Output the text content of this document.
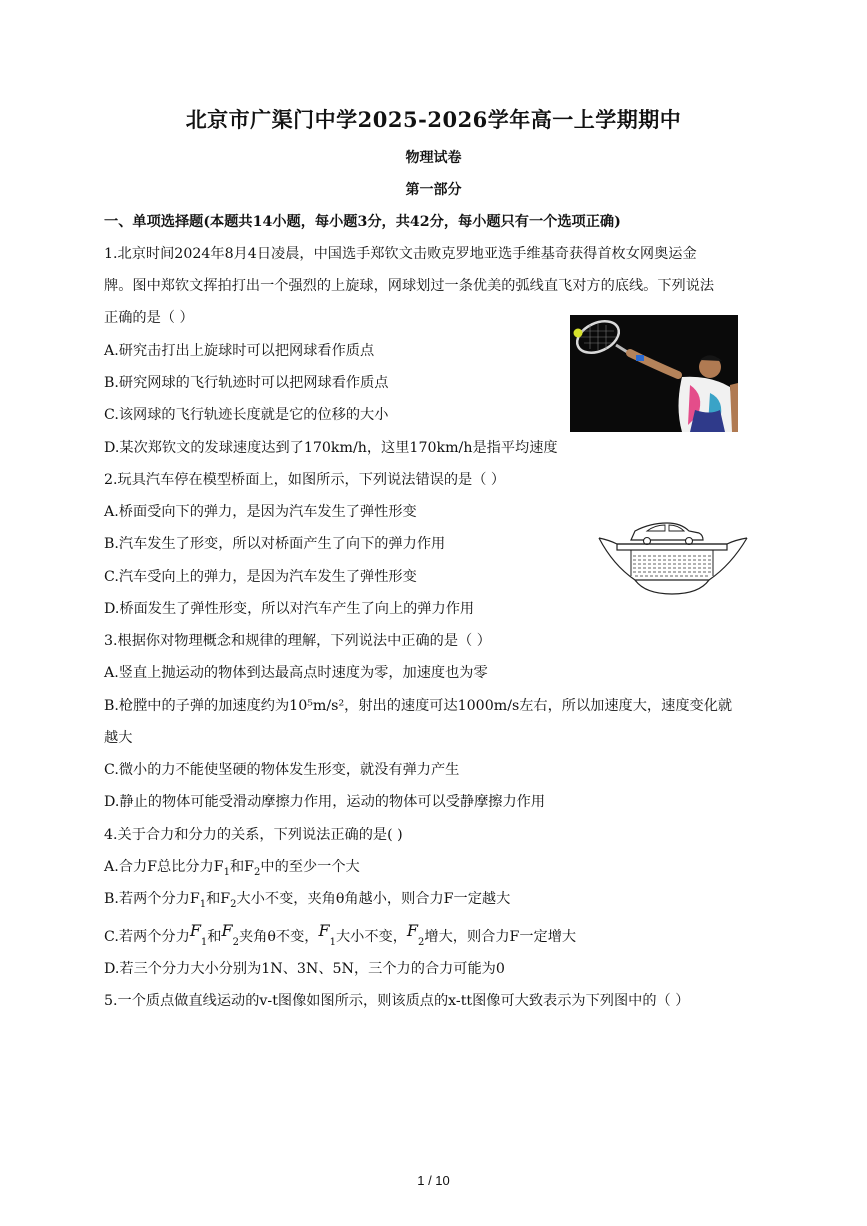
北京市广渠门中学2025-2026学年高一上学期期中
物理试卷
第一部分
一、单项选择题(本题共14小题，每小题3分，共42分，每小题只有一个选项正确)
1.北京时间2024年8月4日凌晨，中国选手郑钦文击败克罗地亚选手维基奇获得首枚女网奥运金
牌。图中郑钦文挥拍打出一个强烈的上旋球，网球划过一条优美的弧线直飞对方的底线。下列说法
正确的是（ ）
A.研究击打出上旋球时可以把网球看作质点
B.研究网球的飞行轨迹时可以把网球看作质点
C.该网球的飞行轨迹长度就是它的位移的大小
D.某次郑钦文的发球速度达到了170km/h，这里170km/h是指平均速度
2.玩具汽车停在模型桥面上，如图所示，下列说法错误的是（ ）
A.桥面受向下的弹力，是因为汽车发生了弹性形变
B.汽车发生了形变，所以对桥面产生了向下的弹力作用
C.汽车受向上的弹力，是因为汽车发生了弹性形变
D.桥面发生了弹性形变，所以对汽车产生了向上的弹力作用
3.根据你对物理概念和规律的理解，下列说法中正确的是（ ）
A.竖直上抛运动的物体到达最高点时速度为零，加速度也为零
B.枪膛中的子弹的加速度约为10⁵m/s²，射出的速度可达1000m/s左右，所以加速度大，速度变化就
越大
C.微小的力不能使坚硬的物体发生形变，就没有弹力产生
D.静止的物体可能受滑动摩擦力作用，运动的物体可以受静摩擦力作用
4.关于合力和分力的关系，下列说法正确的是( )
A.合力F总比分力$F_1$和$F_2$中的至少一个大
B.若两个分力$F_1$和$F_2$大小不变，夹角θ角越小，则合力F一定越大
C.若两个分力$F_1$和$F_2$夹角θ不变，$F_1$大小不变，$F_2$增大，则合力F一定增大
D.若三个分力大小分别为1N、3N、5N，三个力的合力可能为0
5.一个质点做直线运动的v-t图像如图所示，则该质点的x-tt图像可大致表示为下列图中的（ ）
1 / 10
